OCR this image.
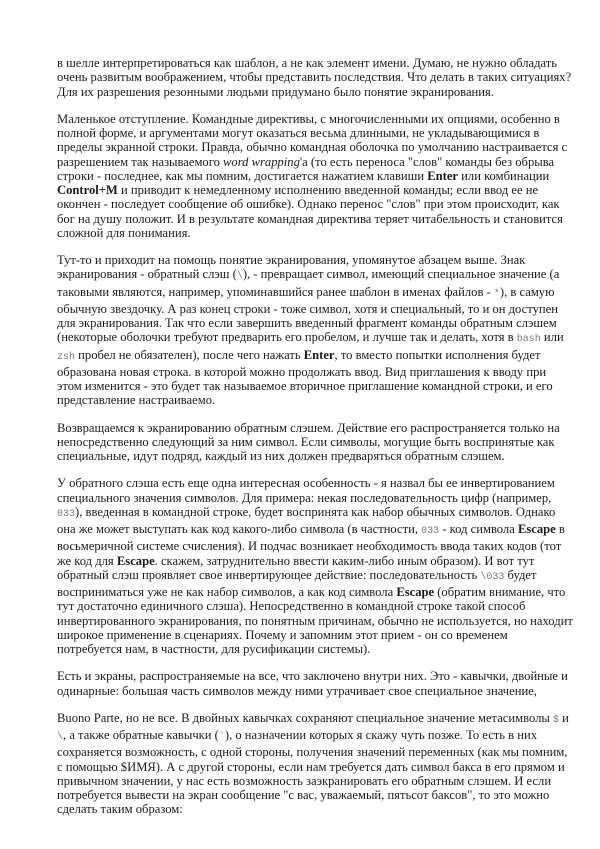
в шелле интерпретироваться как шаблон, а не как элемент имени. Думаю, не нужно обладать
очень развитым воображением, чтобы представить последствия. Что делать в таких ситуациях?
Для их разрешения резонными людьми придумано было понятие экранирования.

Маленькое отступление. Командные директивы, с многочисленными их опциями, особенно в
полной форме, и аргументами могут оказаться весьма длинными, не укладывающимися в
пределы экранной строки. Правда, обычно командная оболочка по умолчанию настраивается с
разрешением так называемого word wrapping'а (то есть переноса "слов" команды без обрыва
строки - последнее, как мы помним, достигается нажатием клавиши Enter или комбинации
Control+M и приводит к немедленному исполнению введенной команды; если ввод ее не
окончен - последует сообщение об ошибке). Однако перенос "слов" при этом происходит, как
бог на душу положит. И в результате командная директива теряет читабельность и становится
сложной для понимания.

Тут-то и приходит на помощь понятие экранирования, упомянутое абзацем выше. Знак
экранирования - обратный слэш (\), - превращает символ, имеющий специальное значение (а
таковыми являются, например, упоминавшийся ранее шаблон в именах файлов - *), в самую
обычную звездочку. А раз конец строки - тоже символ, хотя и специальный, то и он доступен
для экранирования. Так что если завершить введенный фрагмент команды обратным слэшем
(некоторые оболочки требуют предварить его пробелом, и лучше так и делать, хотя в bash или
zsh пробел не обязателен), после чего нажать Enter, то вместо попытки исполнения будет
образована новая строка. в которой можно продолжать ввод. Вид приглашения к вводу при
этом изменится - это будет так называемое вторичное приглашение командной строки, и его
представление настраиваемо.

Возвращаемся к экранированию обратным слэшем. Действие его распространяется только на
непосредственно следующий за ним символ. Если символы, могущие быть воспринятые как
специальные, идут подряд, каждый из них должен предваряться обратным слэшем.

У обратного слэша есть еще одна интересная особенность - я назвал бы ее инвертированием
специального значения символов. Для примера: некая последовательность цифр (например,
033), введенная в командной строке, будет воспринята как набор обычных символов. Однако
она же может выступать как код какого-либо символа (в частности, 033 - код символа Escape в
восьмеричной системе счисления). И подчас возникает необходимость ввода таких кодов (тот
же код для Escape. скажем, затруднительно ввести каким-либо иным образом). И вот тут
обратный слэш проявляет свое инвертирующее действие: последовательность \033 будет
восприниматься уже не как набор символов, а как код символа Escape (обратим внимание, что
тут достаточно единичного слэша). Непосредственно в командной строке такой способ
инвертированного экранирования, по понятным причинам, обычно не используется, но находит
широкое применение в сценариях. Почему и запомним этот прием - он со временем
потребуется нам, в частности, для русификации системы).

Есть и экраны, распространяемые на все, что заключено внутри них. Это - кавычки, двойные и
одинарные: большая часть символов между ними утрачивает свое специальное значение,

Buono Parte, но не все. В двойных кавычках сохраняют специальное значение метасимволы $ и
\, а также обратные кавычки (`), о назначении которых я скажу чуть позже. То есть в них
сохраняется возможность, с одной стороны, получения значений переменных (как мы помним,
с помощью $ИМЯ). А с другой стороны, если нам требуется дать символ бакса в его прямом и
привычном значении, у нас есть возможность заэкранировать его обратным слэшем. И если
потребуется вывести на экран сообщение "с вас, уважаемый, пятьсот баксов", то это можно
сделать таким образом:
